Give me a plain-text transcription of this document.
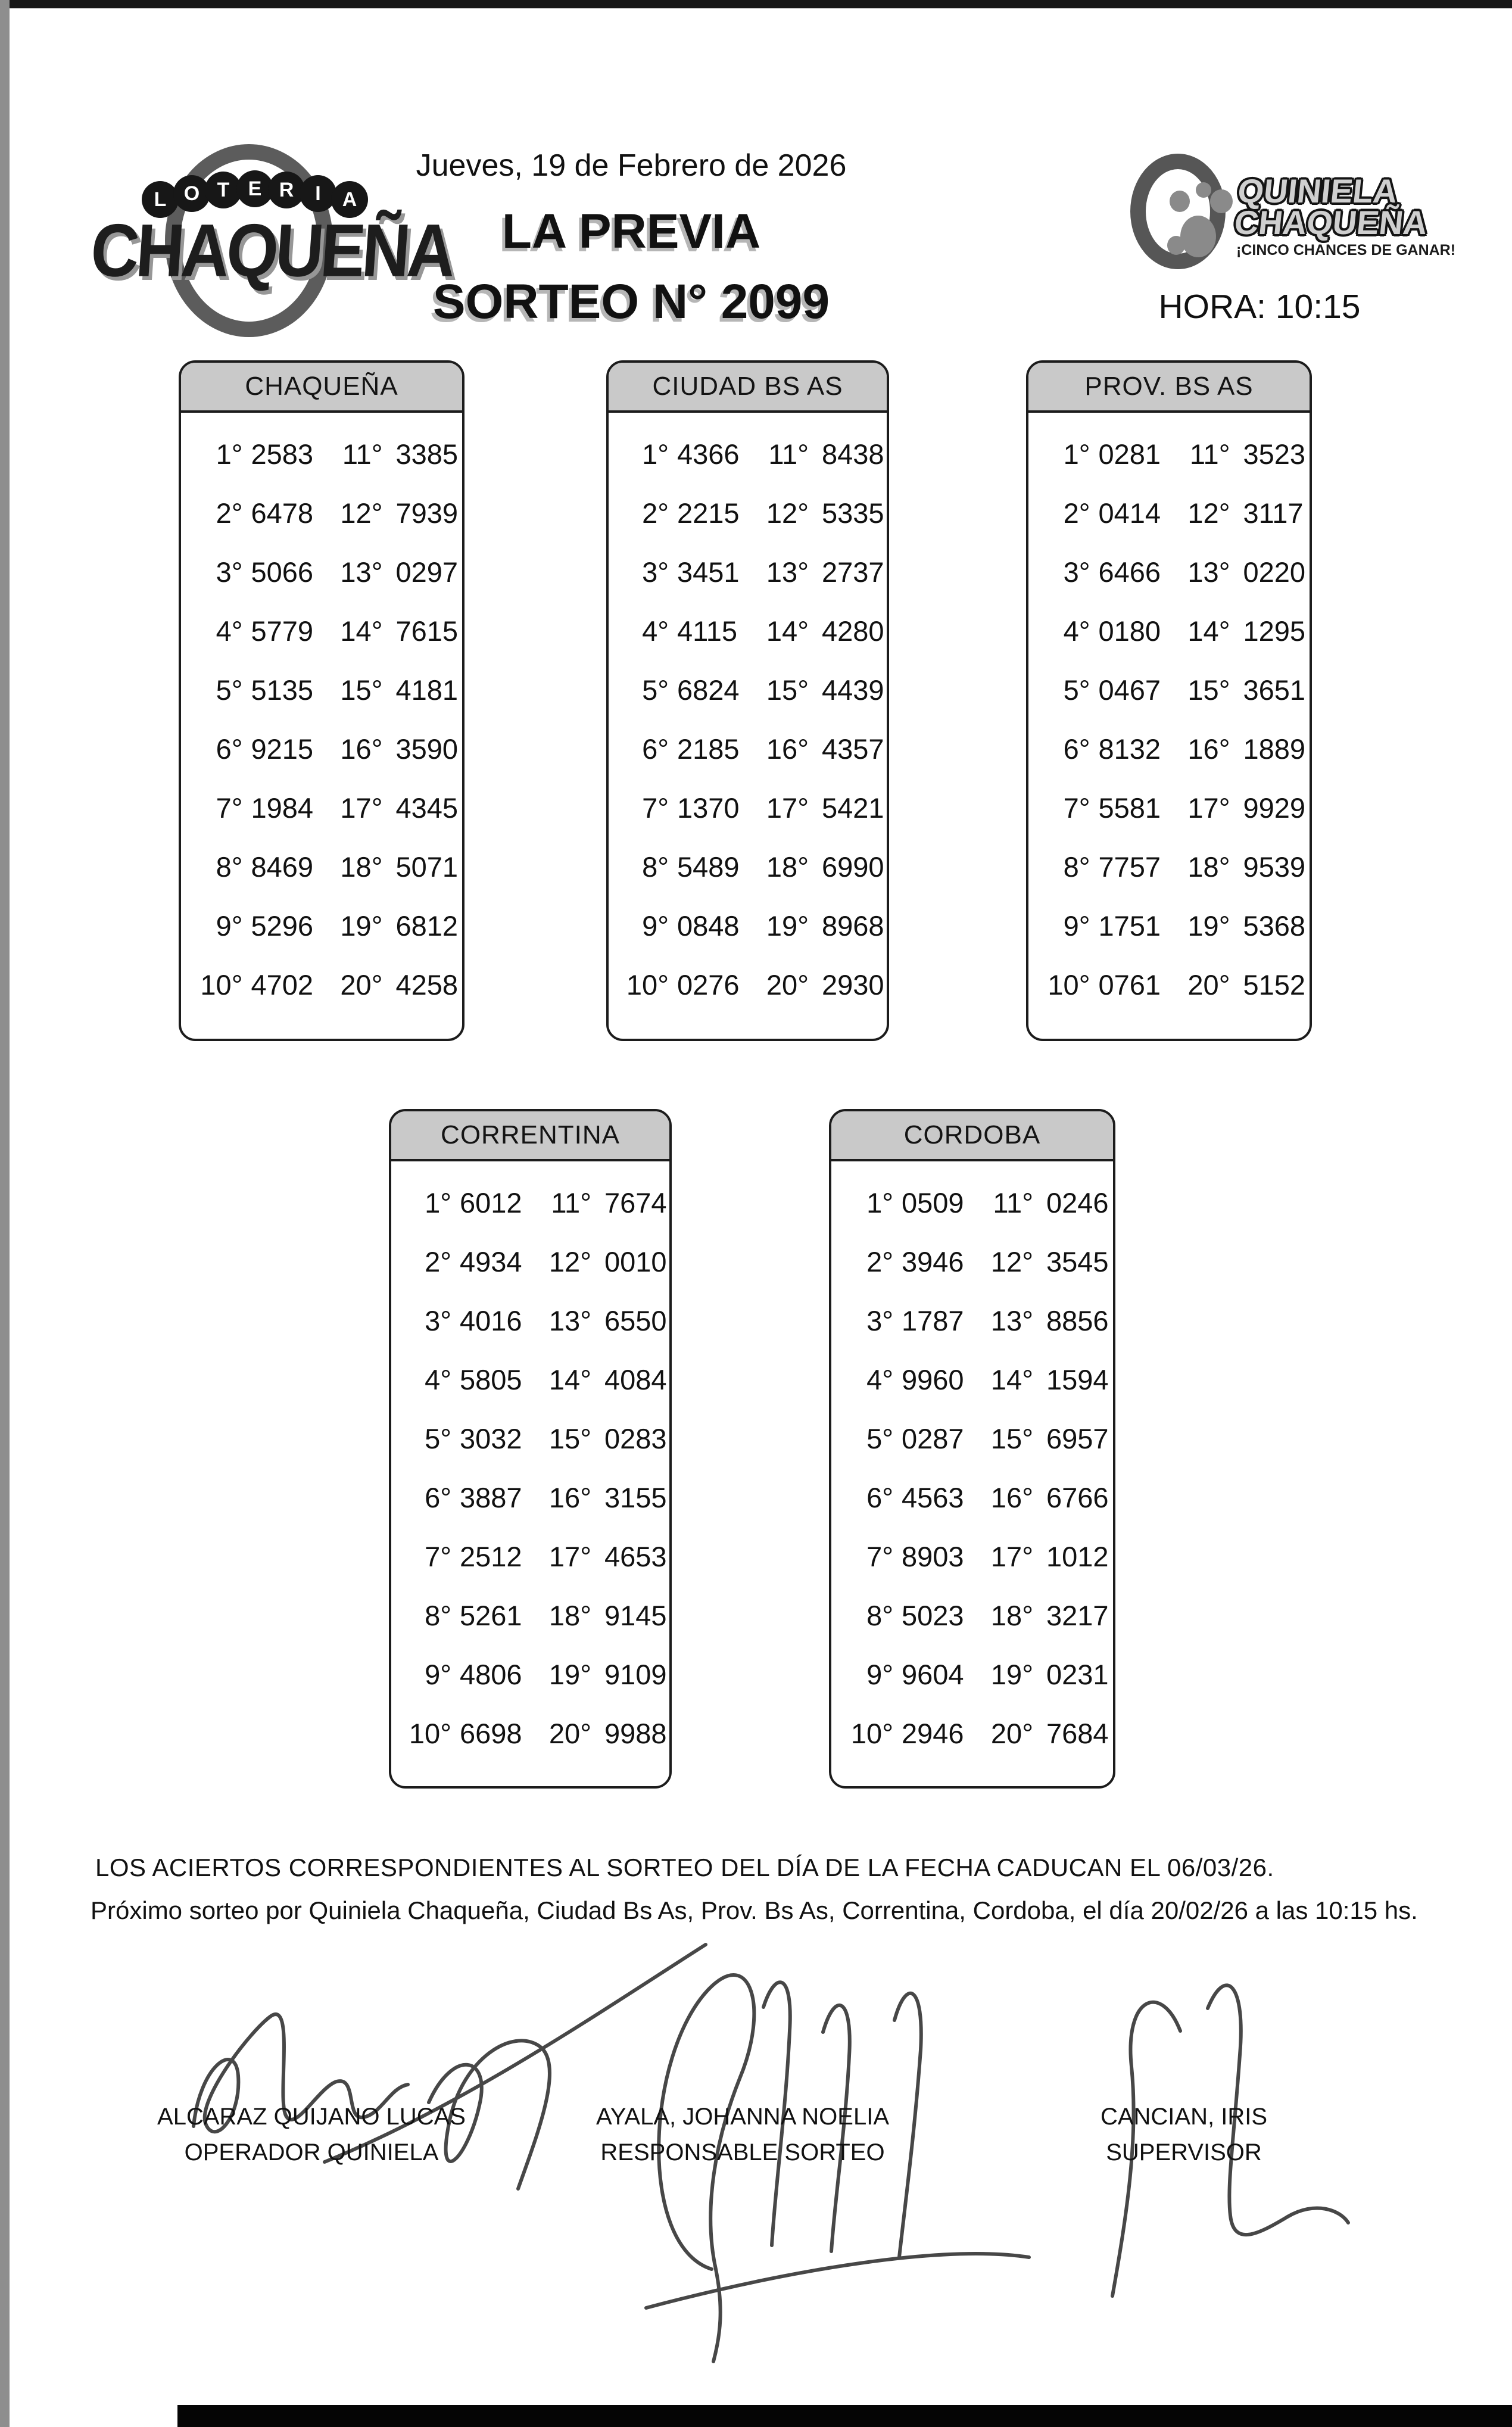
L O T E R	I	A
CHAQUEÑA
Jueves, 19 de Febrero de 2026
LA PREVIA
SORTEO N° 2099
QUINIELA
CHAQUEÑA
¡CINCO CHANCES DE GANAR!
HORA: 10:15
CHAQUEÑA
1° 2583	11° 3385
2° 6478 12° 7939
3° 5066 13° 0297
4° 5779 14° 7615
5° 5135 15° 4181
6° 9215 16° 3590
7° 1984 17° 4345
8° 8469 18° 5071
9° 5296 19° 6812
10° 4702 20° 4258
CIUDAD BS AS
1° 4366	11° 8438
2° 2215 12° 5335
3° 3451 13° 2737
4° 4115	14° 4280
5° 6824 15° 4439
6° 2185 16° 4357
7° 1370 17° 5421
8° 5489 18° 6990
9° 0848 19° 8968
10° 0276 20° 2930
PROV. BS AS
1° 0281	11° 3523
2° 0414 12° 3117
3° 6466 13° 0220
4° 0180 14° 1295
5° 0467 15° 3651
6° 8132 16° 1889
7° 5581 17° 9929
8° 7757 18° 9539
9° 1751 19° 5368
10° 0761 20° 5152
CORRENTINA
1° 6012	11° 7674
2° 4934 12° 0010
3° 4016 13° 6550
4° 5805 14° 4084
5° 3032 15° 0283
6° 3887 16° 3155
7° 2512 17° 4653
8° 5261 18° 9145
9° 4806 19° 9109
10° 6698 20° 9988
CORDOBA
1° 0509	11° 0246
2° 3946 12° 3545
3° 1787 13° 8856
4° 9960 14° 1594
5° 0287 15° 6957
6° 4563 16° 6766
7° 8903 17° 1012
8° 5023 18° 3217
9° 9604 19° 0231
10° 2946 20° 7684
LOS ACIERTOS CORRESPONDIENTES AL SORTEO DEL DÍA DE LA FECHA CADUCAN EL 06/03/26.
Próximo sorteo por Quiniela Chaqueña, Ciudad Bs As, Prov. Bs As, Correntina, Cordoba, el día 20/02/26 a las 10:15 hs.
ALCARAZ QUIJANO LUCAS
OPERADOR QUINIELA
AYALA, JOHANNA NOELIA
RESPONSABLE SORTEO
CANCIAN, IRIS
SUPERVISOR
